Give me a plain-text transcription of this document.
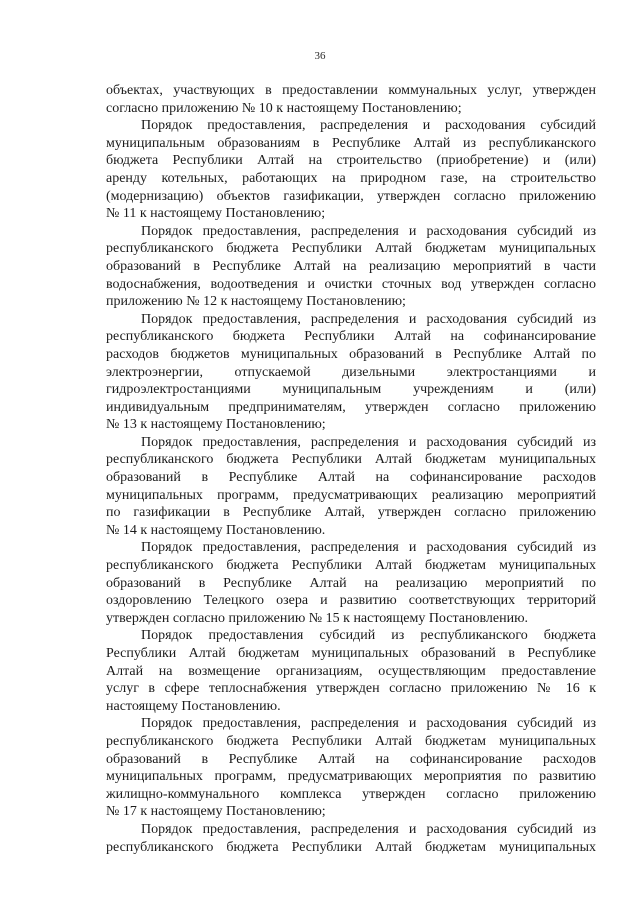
36
объектах, участвующих в предоставлении коммунальных услуг, утвержден
согласно приложению № 10 к настоящему Постановлению;
Порядок предоставления, распределения и расходования субсидий
муниципальным образованиям в Республике Алтай из республиканского
бюджета Республики Алтай на строительство (приобретение) и (или)
аренду котельных, работающих на природном газе, на строительство
(модернизацию) объектов газификации, утвержден согласно приложению
№ 11 к настоящему Постановлению;
Порядок предоставления, распределения и расходования субсидий из
республиканского бюджета Республики Алтай бюджетам муниципальных
образований в Республике Алтай на реализацию мероприятий в части
водоснабжения, водоотведения и очистки сточных вод утвержден согласно
приложению № 12 к настоящему Постановлению;
Порядок предоставления, распределения и расходования субсидий из
республиканского бюджета Республики Алтай на софинансирование
расходов бюджетов муниципальных образований в Республике Алтай по
электроэнергии, отпускаемой дизельными электростанциями и
гидроэлектростанциями муниципальным учреждениям и (или)
индивидуальным предпринимателям, утвержден согласно приложению
№ 13 к настоящему Постановлению;
Порядок предоставления, распределения и расходования субсидий из
республиканского бюджета Республики Алтай бюджетам муниципальных
образований в Республике Алтай на софинансирование расходов
муниципальных программ, предусматривающих реализацию мероприятий
по газификации в Республике Алтай, утвержден согласно приложению
№ 14 к настоящему Постановлению.
Порядок предоставления, распределения и расходования субсидий из
республиканского бюджета Республики Алтай бюджетам муниципальных
образований в Республике Алтай на реализацию мероприятий по
оздоровлению Телецкого озера и развитию соответствующих территорий
утвержден согласно приложению № 15 к настоящему Постановлению.
Порядок предоставления субсидий из республиканского бюджета
Республики Алтай бюджетам муниципальных образований в Республике
Алтай на возмещение организациям, осуществляющим предоставление
услуг в сфере теплоснабжения утвержден согласно приложению № 16 к
настоящему Постановлению.
Порядок предоставления, распределения и расходования субсидий из
республиканского бюджета Республики Алтай бюджетам муниципальных
образований в Республике Алтай на софинансирование расходов
муниципальных программ, предусматривающих мероприятия по развитию
жилищно-коммунального комплекса утвержден согласно приложению
№ 17 к настоящему Постановлению;
Порядок предоставления, распределения и расходования субсидий из
республиканского бюджета Республики Алтай бюджетам муниципальных
